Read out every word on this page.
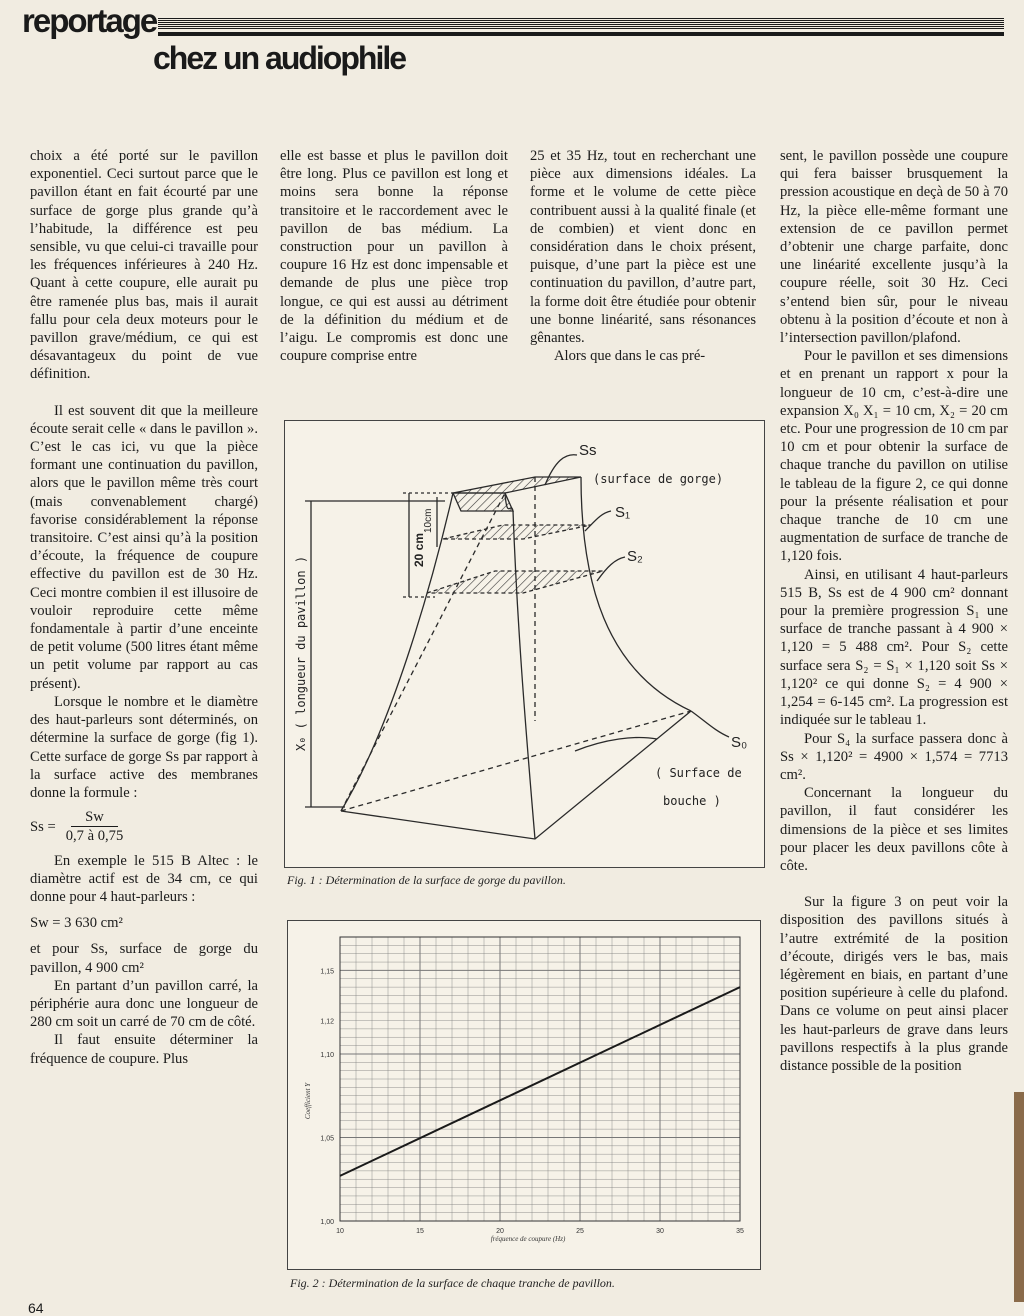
reportage
chez un audiophile

choix a été porté sur le pavillon exponentiel. Ceci surtout parce que le pavillon étant en fait écourté par une surface de gorge plus grande qu’à l’habitude, la différence est peu sensible, vu que celui-ci travaille pour les fréquences inférieures à 240 Hz. Quant à cette coupure, elle aurait pu être ramenée plus bas, mais il aurait fallu pour cela deux moteurs pour le pavillon grave/médium, ce qui est désavantageux du point de vue définition.

Il est souvent dit que la meilleure écoute serait celle « dans le pavillon ». C’est le cas ici, vu que la pièce formant une continuation du pavillon, alors que le pavillon même très court (mais convenablement chargé) favorise considérablement la réponse transitoire. C’est ainsi qu’à la position d’écoute, la fréquence de coupure effective du pavillon est de 30 Hz. Ceci montre combien il est illusoire de vouloir reproduire cette même fondamentale à partir d’une enceinte de petit volume (500 litres étant même un petit volume par rapport au cas présent).

Lorsque le nombre et le diamètre des haut-parleurs sont déterminés, on détermine la surface de gorge (fig 1). Cette surface de gorge Ss par rapport à la surface active des membranes donne la formule :

$Ss = \frac{Sw}{0,7 à 0,75}$

En exemple le 515 B Altec : le diamètre actif est de 34 cm, ce qui donne pour 4 haut-parleurs :

Sw = 3 630 cm²

et pour Ss, surface de gorge du pavillon, 4 900 cm²

En partant d’un pavillon carré, la périphérie aura donc une longueur de 280 cm soit un carré de 70 cm de côté.

Il faut ensuite déterminer la fréquence de coupure. Plus

elle est basse et plus le pavillon doit être long. Plus ce pavillon est long et moins sera bonne la réponse transitoire et le raccordement avec le pavillon de bas médium. La construction pour un pavillon à coupure 16 Hz est donc impensable et demande de plus une pièce trop longue, ce qui est aussi au détriment de la définition du médium et de l’aigu. Le compromis est donc une coupure comprise entre

25 et 35 Hz, tout en recherchant une pièce aux dimensions idéales. La forme et le volume de cette pièce contribuent aussi à la qualité finale (et de combien) et vient donc en considération dans le choix présent, puisque, d’une part la pièce est une continuation du pavillon, d’autre part, la forme doit être étudiée pour obtenir une bonne linéarité, sans résonances gênantes.

Alors que dans le cas pré-

sent, le pavillon possède une coupure qui fera baisser brusquement la pression acoustique en deçà de 50 à 70 Hz, la pièce elle-même formant une extension de ce pavillon permet d’obtenir une charge parfaite, donc une linéarité excellente jusqu’à la coupure réelle, soit 30 Hz. Ceci s’entend bien sûr, pour le niveau obtenu à la position d’écoute et non à l’intersection pavillon/plafond.

Pour le pavillon et ses dimensions et en prenant un rapport x pour la longueur de 10 cm, c’est-à-dire une expansion X₀ X₁ = 10 cm, X₂ = 20 cm etc. Pour une progression de 10 cm par 10 cm et pour obtenir la surface de chaque tranche du pavillon on utilise le tableau de la figure 2, ce qui donne pour la présente réalisation et pour chaque tranche de 10 cm une augmentation de surface de tranche de 1,120 fois.

Ainsi, en utilisant 4 haut-parleurs 515 B, Ss est de 4 900 cm² donnant pour la première progression S₁ une surface de tranche passant à 4 900 × 1,120 = 5 488 cm². Pour S₂ cette surface sera S₂ = S₁ × 1,120 soit Ss × 1,120² ce qui donne S₂ = 4 900 × 1,254 = 6-145 cm². La progression est indiquée sur le tableau 1.

Pour S₄ la surface passera donc à Ss × 1,120² = 4900 × 1,574 = 7713 cm².

Concernant la longueur du pavillon, il faut considérer les dimensions de la pièce et ses limites pour placer les deux pavillons côte à côte.

Sur la figure 3 on peut voir la disposition des pavillons situés à l’autre extrémité de la position d’écoute, dirigés vers le bas, mais légèrement en biais, en partant d’une position supérieure à celle du plafond. Dans ce volume on peut ainsi placer les haut-parleurs de grave dans leurs pavillons respectifs à la plus grande distance possible de la position

Ss
(surface de gorge)
S₁
S₂
S₀
( Surface de
bouche )
10cm
20 cm
X₀ ( longueur du pavillon )
Fig. 1 : Détermination de la surface de gorge du pavillon.
10	15	20	25	30	35
1,00
1,05
1,10
1,12
1,15
fréquence de coupure (Hz)
Coefficient Y
Fig. 2 : Détermination de la surface de chaque tranche de pavillon.
64
